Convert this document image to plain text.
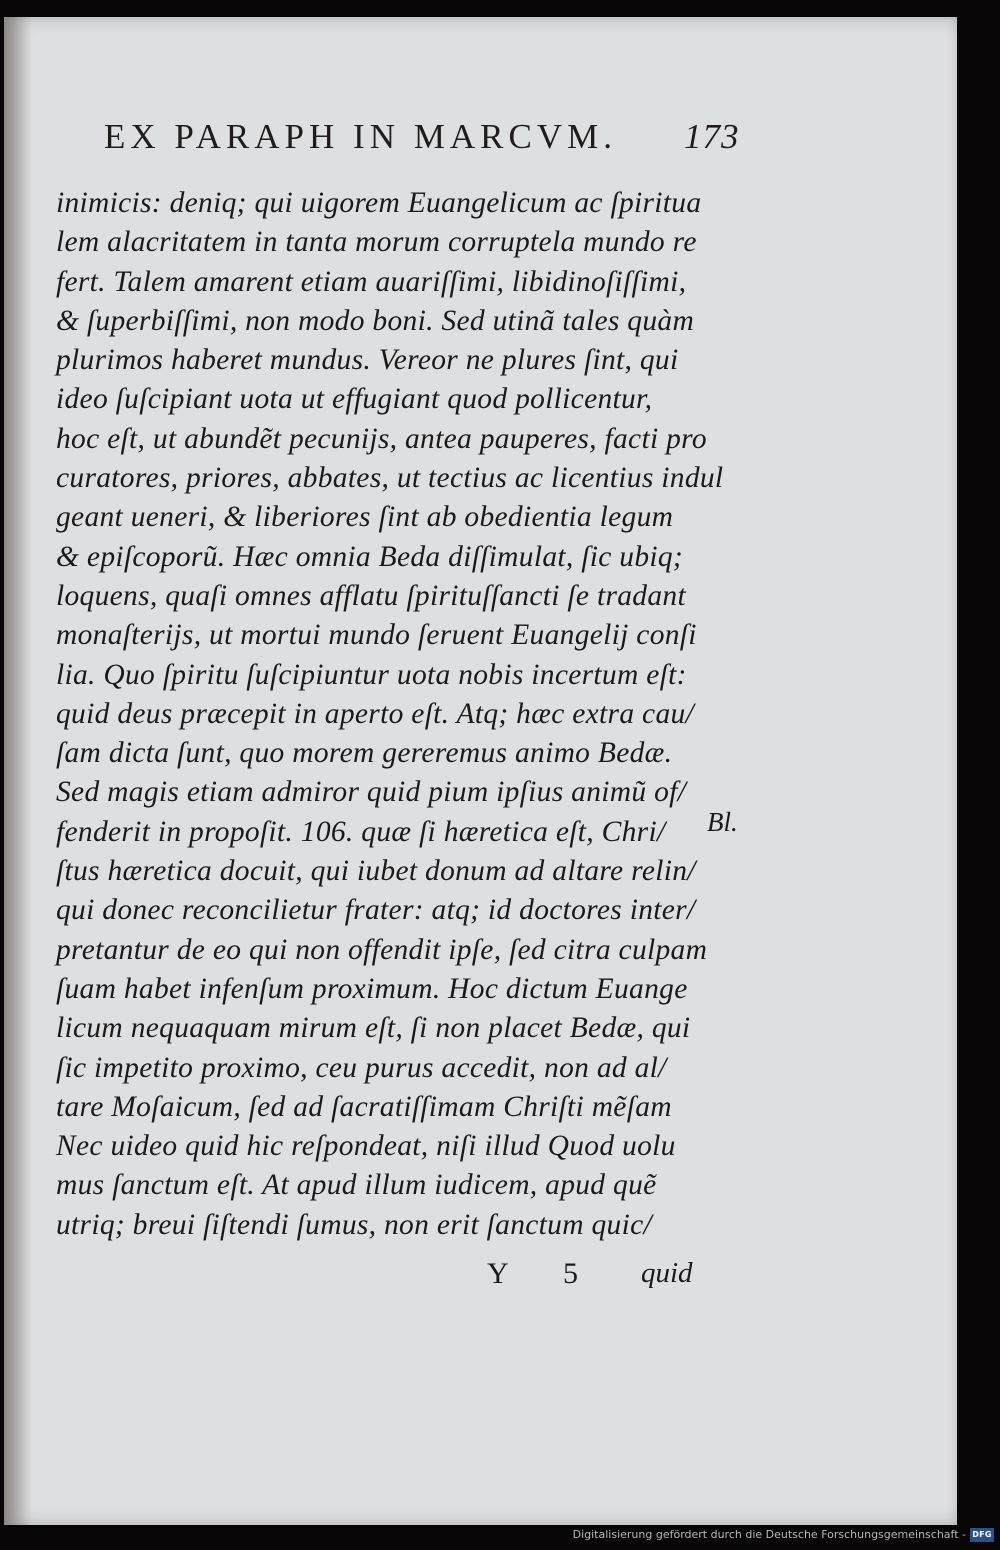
EX PARAPH IN MARCVM. 173
inimicis: deniq; qui uigorem Euangelicum ac ſpiritua
lem alacritatem in tanta morum corruptela mundo re
fert. Talem amarent etiam auariſſimi, libidinoſiſſimi,
& ſuperbiſſimi, non modo boni. Sed utinã tales quàm
plurimos haberet mundus. Vereor ne plures ſint, qui
ideo ſuſcipiant uota ut effugiant quod pollicentur,
hoc eſt, ut abundẽt pecunijs, antea pauperes, facti pro
curatores, priores, abbates, ut tectius ac licentius indul
geant ueneri, & liberiores ſint ab obedientia legum
& epiſcoporũ. Hæc omnia Beda diſſimulat, ſic ubiq;
loquens, quaſi omnes afflatu ſpirituſſancti ſe tradant
monaſterijs, ut mortui mundo ſeruent Euangelij conſi
lia. Quo ſpiritu ſuſcipiuntur uota nobis incertum eſt:
quid deus præcepit in aperto eſt. Atq; hæc extra cau/
ſam dicta ſunt, quo morem gereremus animo Bedæ.
Sed magis etiam admiror quid pium ipſius animũ of/
fenderit in propoſit. 106. quæ ſi hæretica eſt, Chri/
ſtus hæretica docuit, qui iubet donum ad altare relin/
qui donec reconcilietur frater: atq; id doctores inter/
pretantur de eo qui non offendit ipſe, ſed citra culpam
ſuam habet infenſum proximum. Hoc dictum Euange
licum nequaquam mirum eſt, ſi non placet Bedæ, qui
ſic impetito proximo, ceu purus accedit, non ad al/
tare Moſaicum, ſed ad ſacratiſſimam Chriſti mẽſam
Nec uideo quid hic reſpondeat, niſi illud Quod uolu
mus ſanctum eſt. At apud illum iudicem, apud quẽ
utriq; breui ſiſtendi ſumus, non erit ſanctum quic/
Bl.
Y 5 quid
Digitalisierung gefördert durch die Deutsche Forschungsgemeinschaft - DFG
